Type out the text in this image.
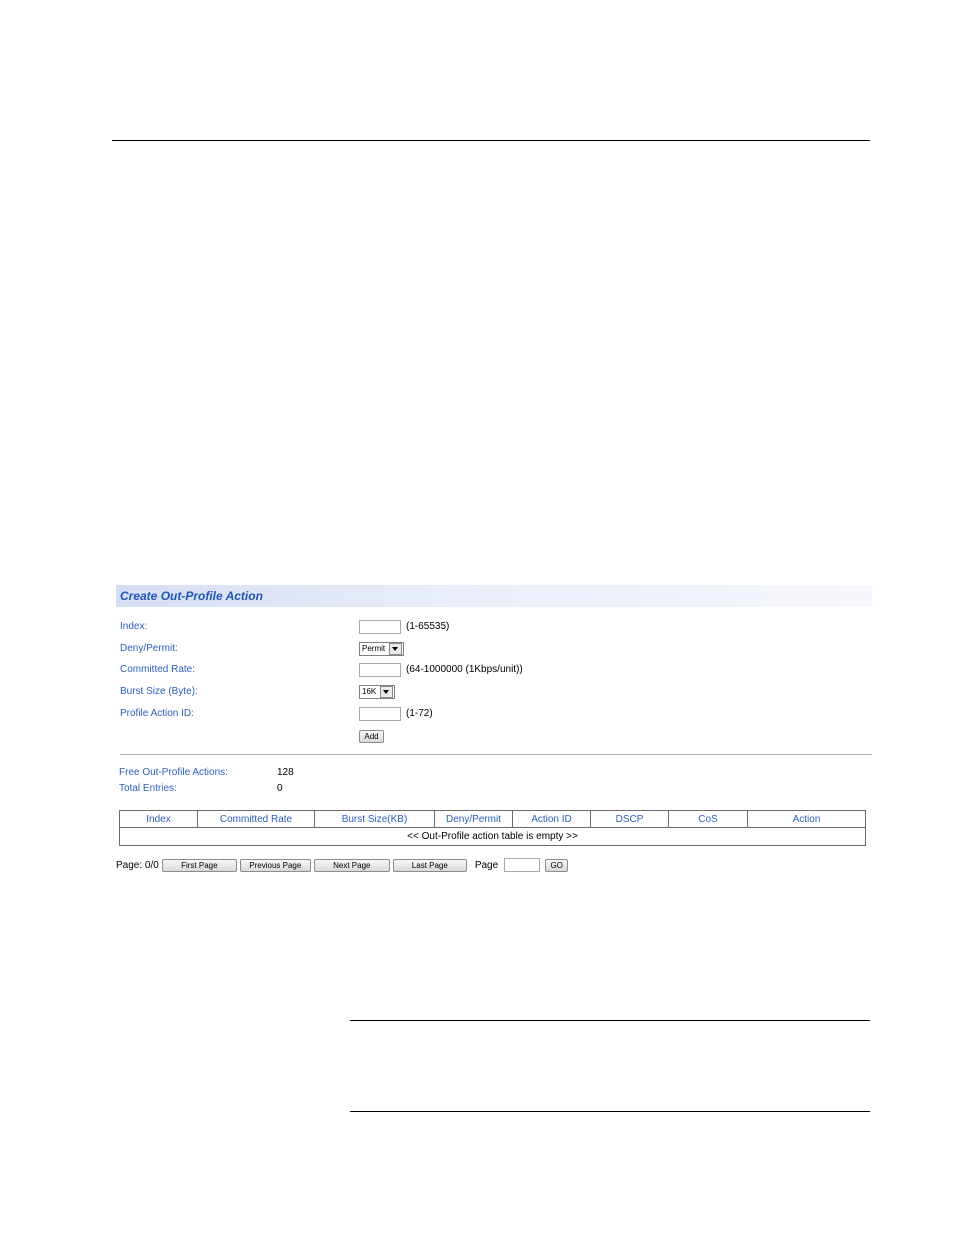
Create Out-Profile Action
Index:	(1-65535)
Deny/Permit:	Permit
Committed Rate:	(64-1000000 (1Kbps/unit))
Burst Size (Byte):	16K
Profile Action ID:	(1-72)
Add
Free Out-Profile Actions:	128
Total Entries:	0
Index	Committed Rate	Burst Size(KB)	Deny/Permit	Action ID	DSCP	CoS	Action
<< Out-Profile action table is empty >>
Page: 0/0	First Page	Previous Page	Next Page	Last Page	Page	GO
